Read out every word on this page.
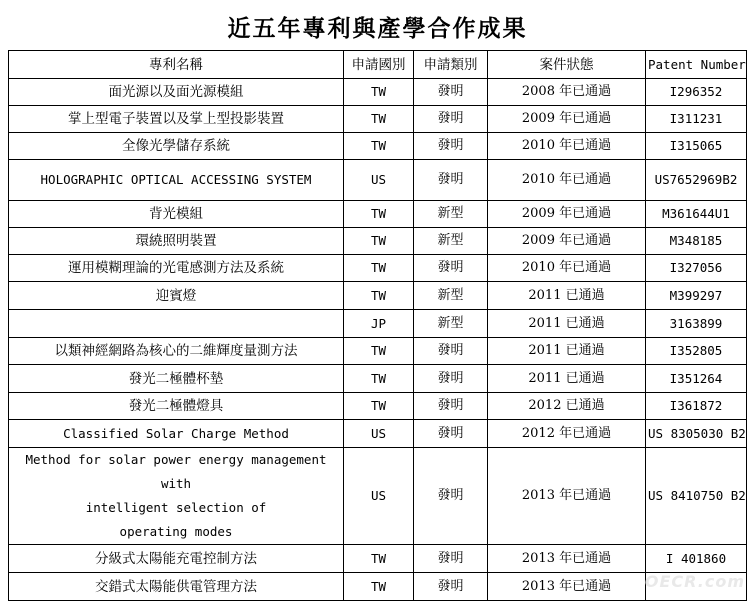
近五年專利與產學合作成果
專利名稱	申請國別	申請類別	案件狀態	Patent Number
面光源以及面光源模組	TW	發明	2008 年已通過	I296352
掌上型電子裝置以及掌上型投影裝置	TW	發明	2009 年已通過	I311231
全像光學儲存系統	TW	發明	2010 年已通過	I315065
HOLOGRAPHIC OPTICAL ACCESSING SYSTEM	US	發明	2010 年已通過	US7652969B2
背光模組	TW	新型	2009 年已通過	M361644U1
環繞照明裝置	TW	新型	2009 年已通過	M348185
運用模糊理論的光電感測方法及系統	TW	發明	2010 年已通過	I327056
迎賓燈	TW	新型	2011 已通過	M399297
	JP	新型	2011 已通過	3163899
以類神經網路為核心的二維輝度量測方法	TW	發明	2011 已通過	I352805
發光二極體杯墊	TW	發明	2011 已通過	I351264
發光二極體燈具	TW	發明	2012 已通過	I361872
Classified Solar Charge Method	US	發明	2012 年已通過	US 8305030 B2

Method for solar power energy management with
intelligent selection of
operating modes	US	發明	2013 年已通過	US 8410750 B2
分級式太陽能充電控制方法	TW	發明	2013 年已通過	I 401860
交錯式太陽能供電管理方法	TW	發明	2013 年已通過	OECR.com
